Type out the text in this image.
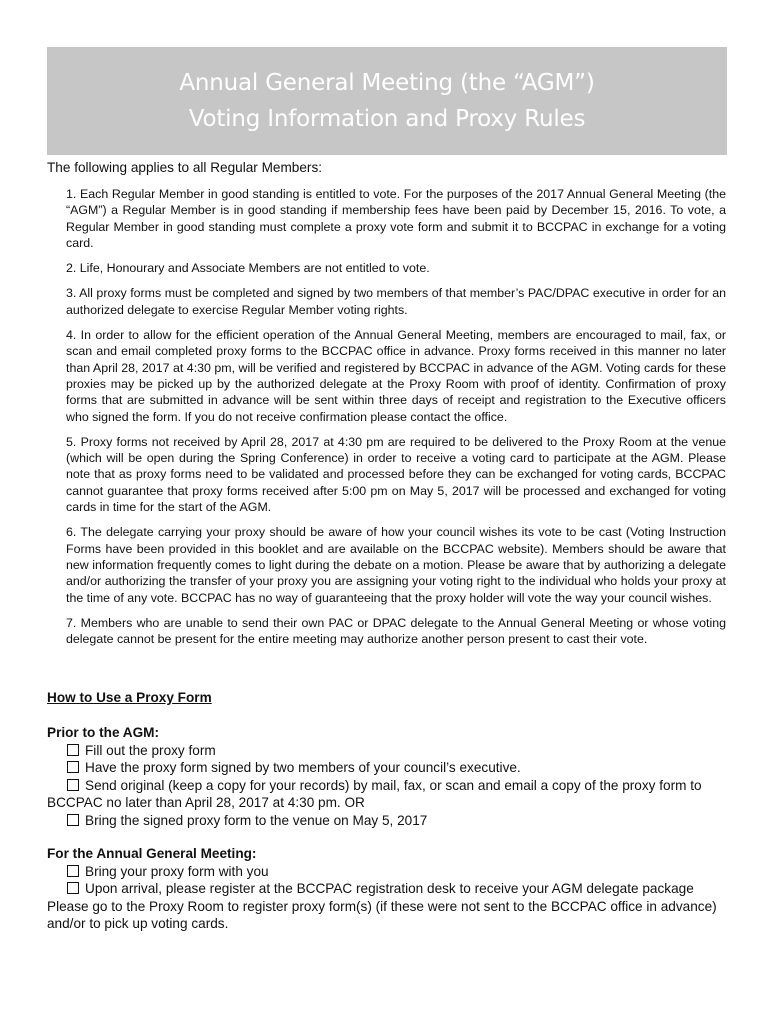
Annual General Meeting (the “AGM”)
Voting Information and Proxy Rules
The following applies to all Regular Members:

1. Each Regular Member in good standing is entitled to vote. For the purposes of the 2017 Annual General Meeting (the “AGM”) a Regular Member is in good standing if membership fees have been paid by December 15, 2016. To vote, a Regular Member in good standing must complete a proxy vote form and submit it to BCCPAC in exchange for a voting card.

2. Life, Honourary and Associate Members are not entitled to vote.

3. All proxy forms must be completed and signed by two members of that member’s PAC/DPAC executive in order for an authorized delegate to exercise Regular Member voting rights.

4. In order to allow for the efficient operation of the Annual General Meeting, members are encouraged to mail, fax, or scan and email completed proxy forms to the BCCPAC office in advance. Proxy forms received in this manner no later than April 28, 2017 at 4:30 pm, will be verified and registered by BCCPAC in advance of the AGM. Voting cards for these proxies may be picked up by the authorized delegate at the Proxy Room with proof of identity. Confirmation of proxy forms that are submitted in advance will be sent within three days of receipt and registration to the Executive officers who signed the form. If you do not receive confirmation please contact the office.

5. Proxy forms not received by April 28, 2017 at 4:30 pm are required to be delivered to the Proxy Room at the venue (which will be open during the Spring Conference) in order to receive a voting card to participate at the AGM. Please note that as proxy forms need to be validated and processed before they can be exchanged for voting cards, BCCPAC cannot guarantee that proxy forms received after 5:00 pm on May 5, 2017 will be processed and exchanged for voting cards in time for the start of the AGM.

6. The delegate carrying your proxy should be aware of how your council wishes its vote to be cast (Voting Instruction Forms have been provided in this booklet and are available on the BCCPAC website). Members should be aware that new information frequently comes to light during the debate on a motion. Please be aware that by authorizing a delegate and/or authorizing the transfer of your proxy you are assigning your voting right to the individual who holds your proxy at the time of any vote. BCCPAC has no way of guaranteeing that the proxy holder will vote the way your council wishes.

7. Members who are unable to send their own PAC or DPAC delegate to the Annual General Meeting or whose voting delegate cannot be present for the entire meeting may authorize another person present to cast their vote.

How to Use a Proxy Form
Prior to the AGM:
Fill out the proxy form
Have the proxy form signed by two members of your council’s executive.
Send original (keep a copy for your records) by mail, fax, or scan and email a copy of the proxy form to
BCCPAC no later than April 28, 2017 at 4:30 pm. OR
Bring the signed proxy form to the venue on May 5, 2017
For the Annual General Meeting:
Bring your proxy form with you
Upon arrival, please register at the BCCPAC registration desk to receive your AGM delegate package
Please go to the Proxy Room to register proxy form(s) (if these were not sent to the BCCPAC office in advance) and/or to pick up voting cards.
